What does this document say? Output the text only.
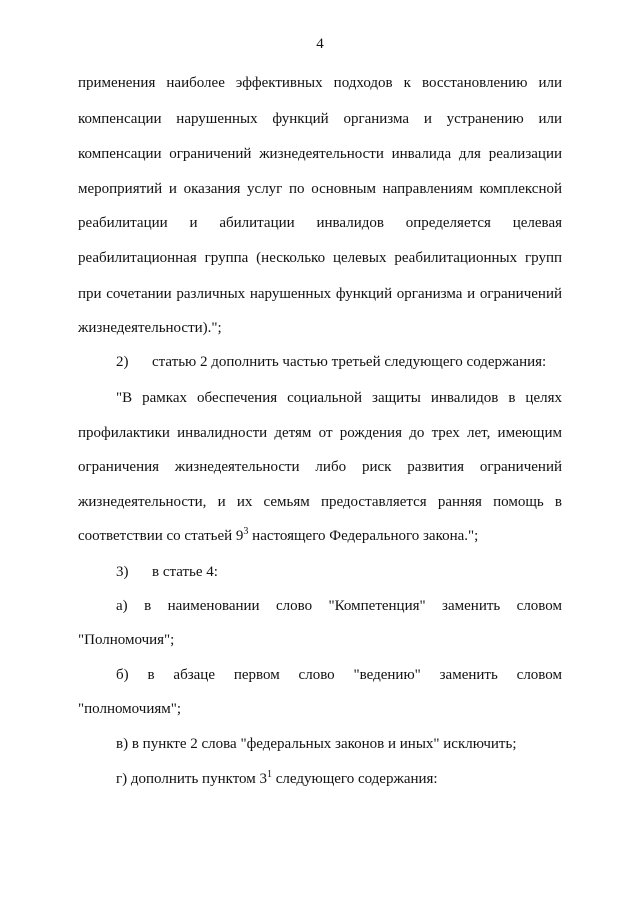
4
применения наиболее эффективных подходов к восстановлению или
компенсации нарушенных функций организма и устранению или
компенсации ограничений жизнедеятельности инвалида для реализации
мероприятий и оказания услуг по основным направлениям комплексной
реабилитации и абилитации инвалидов определяется целевая
реабилитационная группа (несколько целевых реабилитационных групп
при сочетании различных нарушенных функций организма и ограничений
жизнедеятельности).";
2) статью 2 дополнить частью третьей следующего содержания:
"В рамках обеспечения социальной защиты инвалидов в целях
профилактики инвалидности детям от рождения до трех лет, имеющим
ограничения жизнедеятельности либо риск развития ограничений
жизнедеятельности, и их семьям предоставляется ранняя помощь в
соответствии со статьей $9^3$ настоящего Федерального закона.";
3) в статье 4:
а) в наименовании слово "Компетенция" заменить словом
"Полномочия";
б) в абзаце первом слово "ведению" заменить словом
"полномочиям";
в) в пункте 2 слова "федеральных законов и иных" исключить;
г) дополнить пунктом $3^1$ следующего содержания:
